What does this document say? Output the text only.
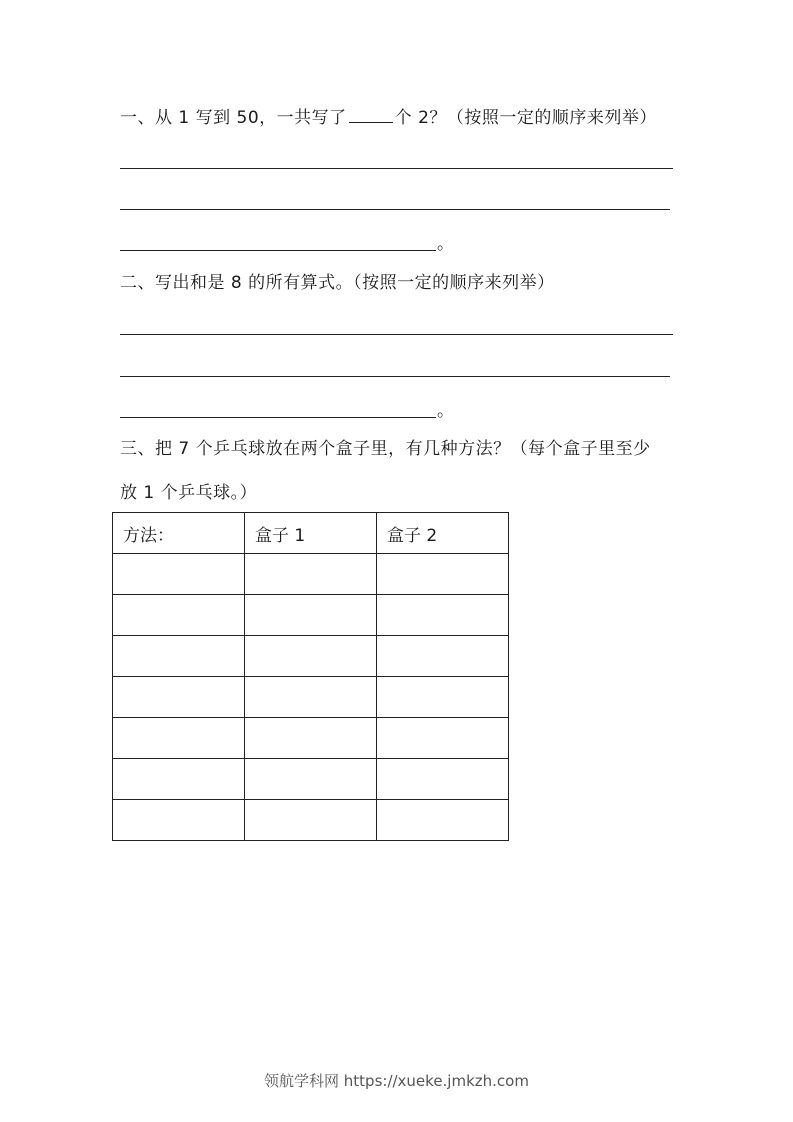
一、从 1 写到 50，一共写了	个 2？（按照一定的顺序来列举）
。
二、写出和是 8 的所有算式。（按照一定的顺序来列举）
。
三、把 7 个乒乓球放在两个盒子里，有几种方法？（每个盒子里至少
放 1 个乒乓球。）
方法：	盒子 1	盒子 2

领航学科网 https://xueke.jmkzh.com
